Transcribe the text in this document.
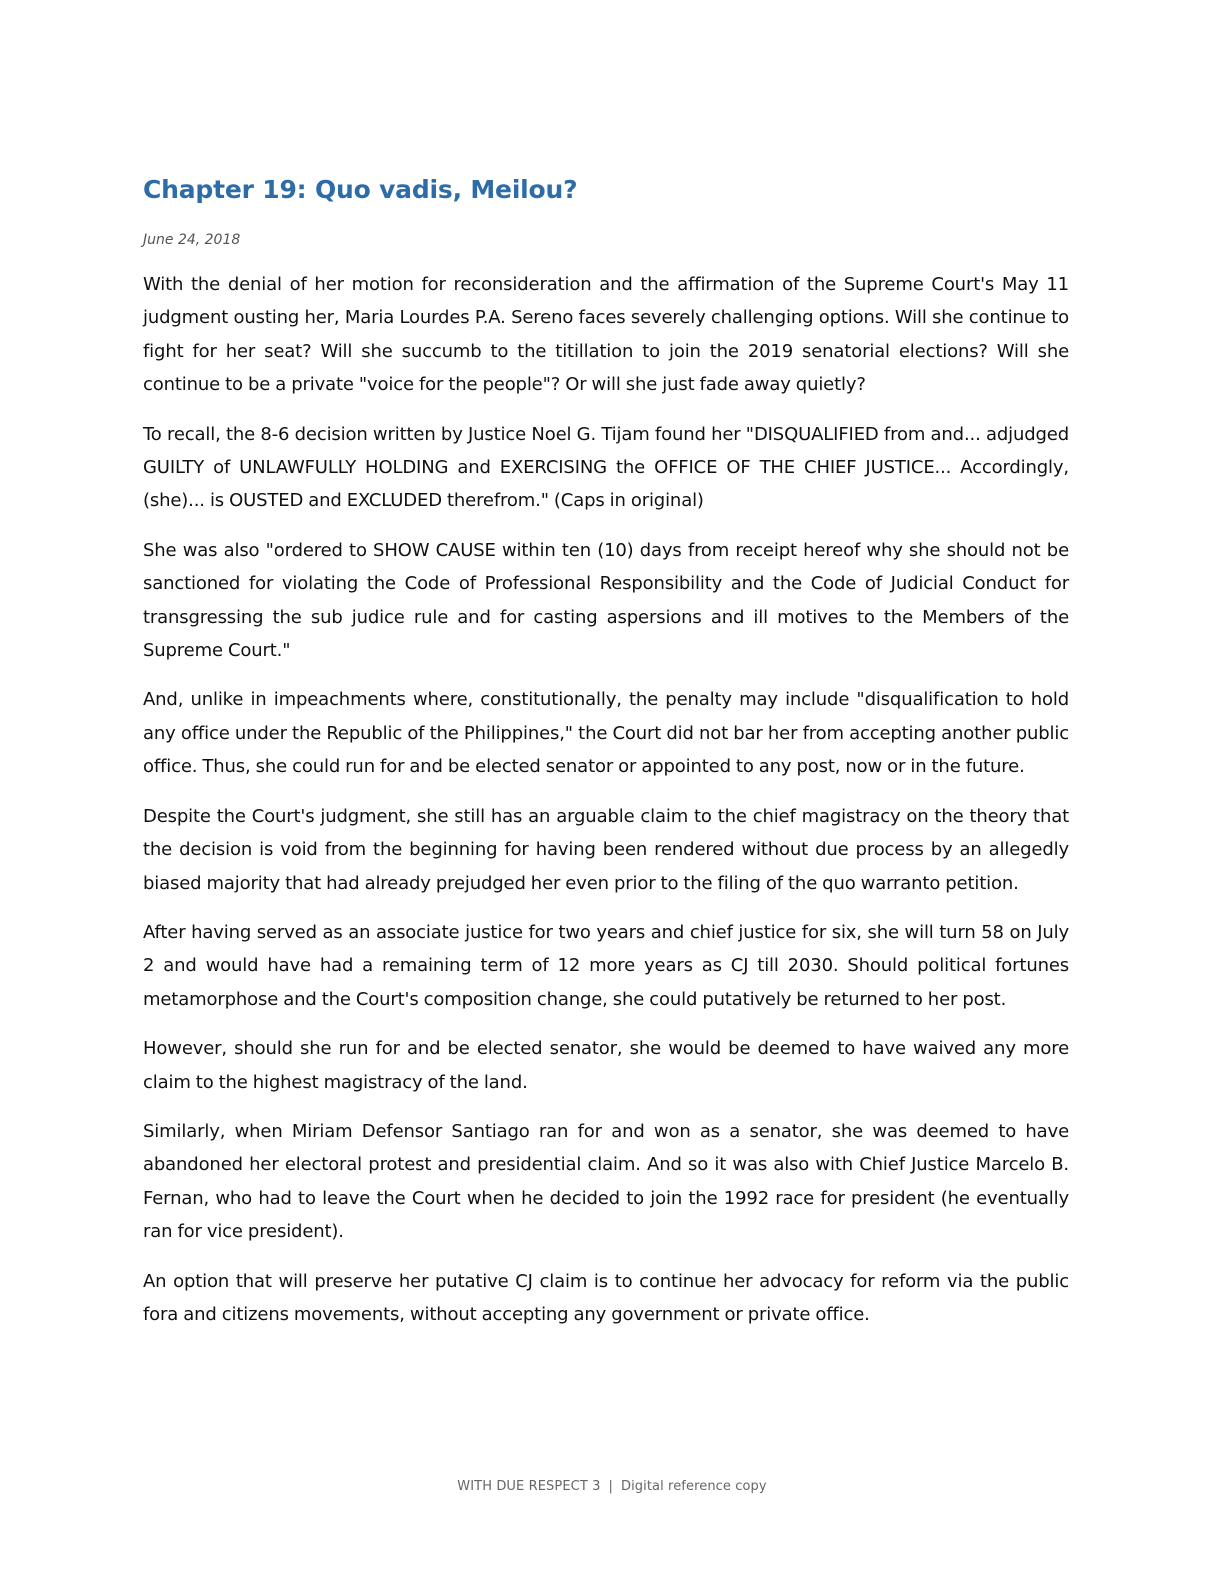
Chapter 19: Quo vadis, Meilou?

June 24, 2018

With the denial of her motion for reconsideration and the affirmation of the Supreme Court's May 11 judgment ousting her, Maria Lourdes P.A. Sereno faces severely challenging options. Will she continue to fight for her seat? Will she succumb to the titillation to join the 2019 senatorial elections? Will she continue to be a private "voice for the people"? Or will she just fade away quietly?

To recall, the 8-6 decision written by Justice Noel G. Tijam found her "DISQUALIFIED from and... adjudged GUILTY of UNLAWFULLY HOLDING and EXERCISING the OFFICE OF THE CHIEF JUSTICE... Accordingly, (she)... is OUSTED and EXCLUDED therefrom." (Caps in original)

She was also "ordered to SHOW CAUSE within ten (10) days from receipt hereof why she should not be sanctioned for violating the Code of Professional Responsibility and the Code of Judicial Conduct for transgressing the sub judice rule and for casting aspersions and ill motives to the Members of the Supreme Court."

And, unlike in impeachments where, constitutionally, the penalty may include "disqualification to hold any office under the Republic of the Philippines," the Court did not bar her from accepting another public office. Thus, she could run for and be elected senator or appointed to any post, now or in the future.

Despite the Court's judgment, she still has an arguable claim to the chief magistracy on the theory that the decision is void from the beginning for having been rendered without due process by an allegedly biased majority that had already prejudged her even prior to the filing of the quo warranto petition.

After having served as an associate justice for two years and chief justice for six, she will turn 58 on July 2 and would have had a remaining term of 12 more years as CJ till 2030. Should political fortunes metamorphose and the Court's composition change, she could putatively be returned to her post.

However, should she run for and be elected senator, she would be deemed to have waived any more claim to the highest magistracy of the land.

Similarly, when Miriam Defensor Santiago ran for and won as a senator, she was deemed to have abandoned her electoral protest and presidential claim. And so it was also with Chief Justice Marcelo B. Fernan, who had to leave the Court when he decided to join the 1992 race for president (he eventually ran for vice president).

An option that will preserve her putative CJ claim is to continue her advocacy for reform via the public fora and citizens movements, without accepting any government or private office.

WITH DUE RESPECT 3 | Digital reference copy
